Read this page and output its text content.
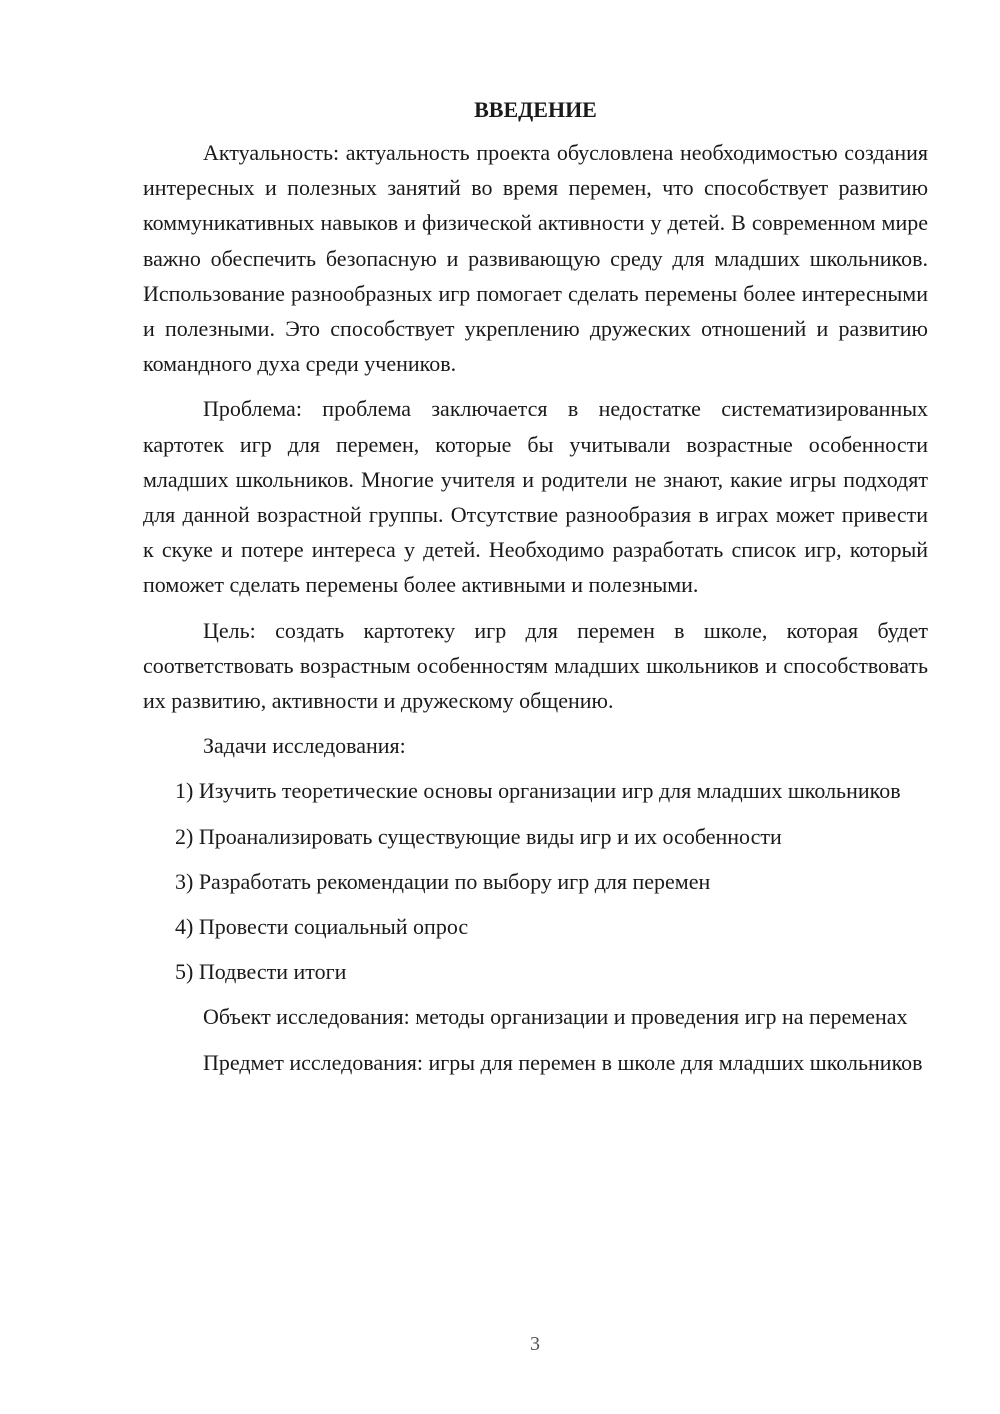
ВВЕДЕНИЕ

Актуальность: актуальность проекта обусловлена необходимостью создания интересных и полезных занятий во время перемен, что способствует развитию коммуникативных навыков и физической активности у детей. В современном мире важно обеспечить безопасную и развивающую среду для младших школьников. Использование разнообразных игр помогает сделать перемены более интересными и полезными. Это способствует укреплению дружеских отношений и развитию командного духа среди учеников.

Проблема: проблема заключается в недостатке систематизированных картотек игр для перемен, которые бы учитывали возрастные особенности младших школьников. Многие учителя и родители не знают, какие игры подходят для данной возрастной группы. Отсутствие разнообразия в играх может привести к скуке и потере интереса у детей. Необходимо разработать список игр, который поможет сделать перемены более активными и полезными.

Цель: создать картотеку игр для перемен в школе, которая будет соответствовать возрастным особенностям младших школьников и способствовать их развитию, активности и дружескому общению.

Задачи исследования:

1) Изучить теоретические основы организации игр для младших школьников

2) Проанализировать существующие виды игр и их особенности

3) Разработать рекомендации по выбору игр для перемен

4) Провести социальный опрос

5) Подвести итоги

Объект исследования: методы организации и проведения игр на переменах

Предмет исследования: игры для перемен в школе для младших школьников

3
